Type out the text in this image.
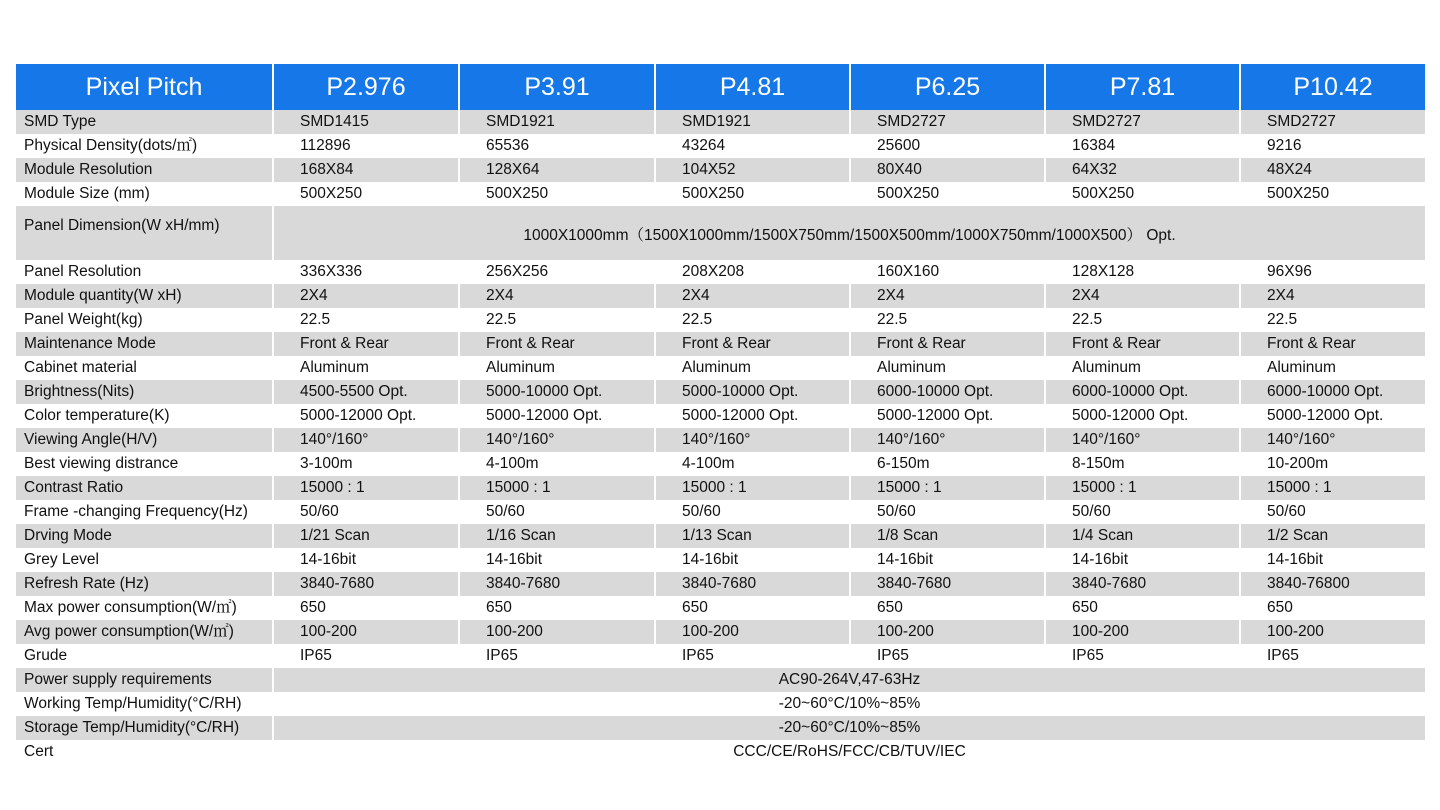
Pixel Pitch	P2.976	P3.91	P4.81	P6.25	P7.81	P10.42
SMD Type	SMD1415	SMD1921	SMD1921	SMD2727	SMD2727	SMD2727
Physical Density(dots/㎡)	112896	65536	43264	25600	16384	9216
Module Resolution	168X84	128X64	104X52	80X40	64X32	48X24
Module Size (mm)	500X250	500X250	500X250	500X250	500X250	500X250
Panel Dimension(W xH/mm)	1000X1000mm（1500X1000mm/1500X750mm/1500X500mm/1000X750mm/1000X500） Opt.					
Panel Resolution	336X336	256X256	208X208	160X160	128X128	96X96
Module quantity(W xH)	2X4	2X4	2X4	2X4	2X4	2X4
Panel Weight(kg)	22.5	22.5	22.5	22.5	22.5	22.5
Maintenance Mode	Front & Rear	Front & Rear	Front & Rear	Front & Rear	Front & Rear	Front & Rear
Cabinet material	Aluminum	Aluminum	Aluminum	Aluminum	Aluminum	Aluminum
Brightness(Nits)	4500-5500 Opt.	5000-10000 Opt.	5000-10000 Opt.	6000-10000 Opt.	6000-10000 Opt.	6000-10000 Opt.
Color temperature(K)	5000-12000 Opt.	5000-12000 Opt.	5000-12000 Opt.	5000-12000 Opt.	5000-12000 Opt.	5000-12000 Opt.
Viewing Angle(H/V)	140°/160°	140°/160°	140°/160°	140°/160°	140°/160°	140°/160°
Best viewing distrance	3-100m	4-100m	4-100m	6-150m	8-150m	10-200m
Contrast Ratio	15000 : 1	15000 : 1	15000 : 1	15000 : 1	15000 : 1	15000 : 1
Frame -changing Frequency(Hz)	50/60	50/60	50/60	50/60	50/60	50/60
Drving Mode	1/21 Scan	1/16 Scan	1/13 Scan	1/8 Scan	1/4 Scan	1/2 Scan
Grey Level	14-16bit	14-16bit	14-16bit	14-16bit	14-16bit	14-16bit
Refresh Rate (Hz)	3840-7680	3840-7680	3840-7680	3840-7680	3840-7680	3840-76800
Max power consumption(W/㎡)	650	650	650	650	650	650
Avg power consumption(W/㎡)	100-200	100-200	100-200	100-200	100-200	100-200
Grude	IP65	IP65	IP65	IP65	IP65	IP65
Power supply requirements	AC90-264V,47-63Hz					
Working Temp/Humidity(°C/RH)	-20~60°C/10%~85%					
Storage Temp/Humidity(°C/RH)	-20~60°C/10%~85%					
Cert	CCC/CE/RoHS/FCC/CB/TUV/IEC					
